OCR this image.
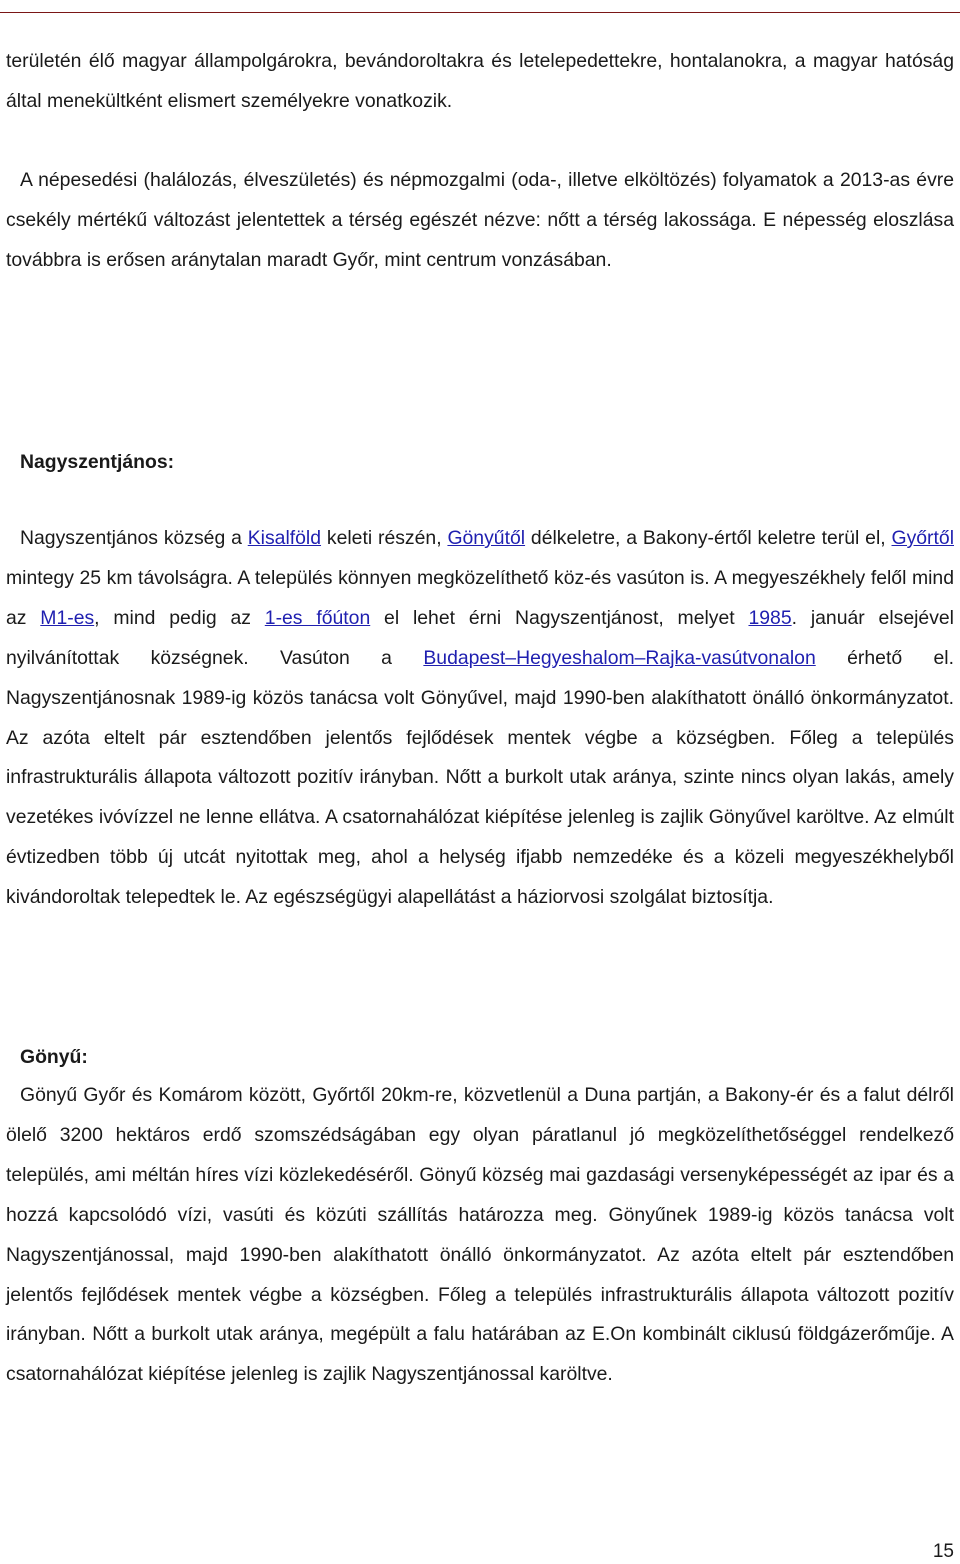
területén élő magyar állampolgárokra, bevándoroltakra és letelepedettekre, hontalanokra, a magyar hatóság által menekültként elismert személyekre vonatkozik.

A népesedési (halálozás, élveszületés) és népmozgalmi (oda-, illetve elköltözés) folyamatok a 2013-as évre csekély mértékű változást jelentettek a térség egészét nézve: nőtt a térség lakossága. E népesség eloszlása továbbra is erősen aránytalan maradt Győr, mint centrum vonzásában.

Nagyszentjános:

Nagyszentjános község a Kisalföld keleti részén, Gönyűtől délkeletre, a Bakony-értől keletre terül el, Győrtől mintegy 25 km távolságra. A település könnyen megközelíthető köz-és vasúton is. A megyeszékhely felől mind az M1-es, mind pedig az 1-es főúton el lehet érni Nagyszentjánost, melyet 1985. január elsejével nyilvánítottak községnek. Vasúton a Budapest–Hegyeshalom–Rajka-vasútvonalon érhető el. Nagyszentjánosnak 1989-ig közös tanácsa volt Gönyűvel, majd 1990-ben alakíthatott önálló önkormányzatot. Az azóta eltelt pár esztendőben jelentős fejlődések mentek végbe a községben. Főleg a település infrastrukturális állapota változott pozitív irányban. Nőtt a burkolt utak aránya, szinte nincs olyan lakás, amely vezetékes ivóvízzel ne lenne ellátva. A csatornahálózat kiépítése jelenleg is zajlik Gönyűvel karöltve. Az elmúlt évtizedben több új utcát nyitottak meg, ahol a helység ifjabb nemzedéke és a közeli megyeszékhelyből kivándoroltak telepedtek le. Az egészségügyi alapellátást a háziorvosi szolgálat biztosítja.

Gönyű:

Gönyű Győr és Komárom között, Győrtől 20km-re, közvetlenül a Duna partján, a Bakony-ér és a falut délről ölelő 3200 hektáros erdő szomszédságában egy olyan páratlanul jó megközelíthetőséggel rendelkező település, ami méltán híres vízi közlekedéséről. Gönyű község mai gazdasági versenyképességét az ipar és a hozzá kapcsolódó vízi, vasúti és közúti szállítás határozza meg. Gönyűnek 1989-ig közös tanácsa volt Nagyszentjánossal, majd 1990-ben alakíthatott önálló önkormányzatot. Az azóta eltelt pár esztendőben jelentős fejlődések mentek végbe a községben. Főleg a település infrastrukturális állapota változott pozitív irányban. Nőtt a burkolt utak aránya, megépült a falu határában az E.On kombinált ciklusú földgázerőműje. A csatornahálózat kiépítése jelenleg is zajlik Nagyszentjánossal karöltve.

15
